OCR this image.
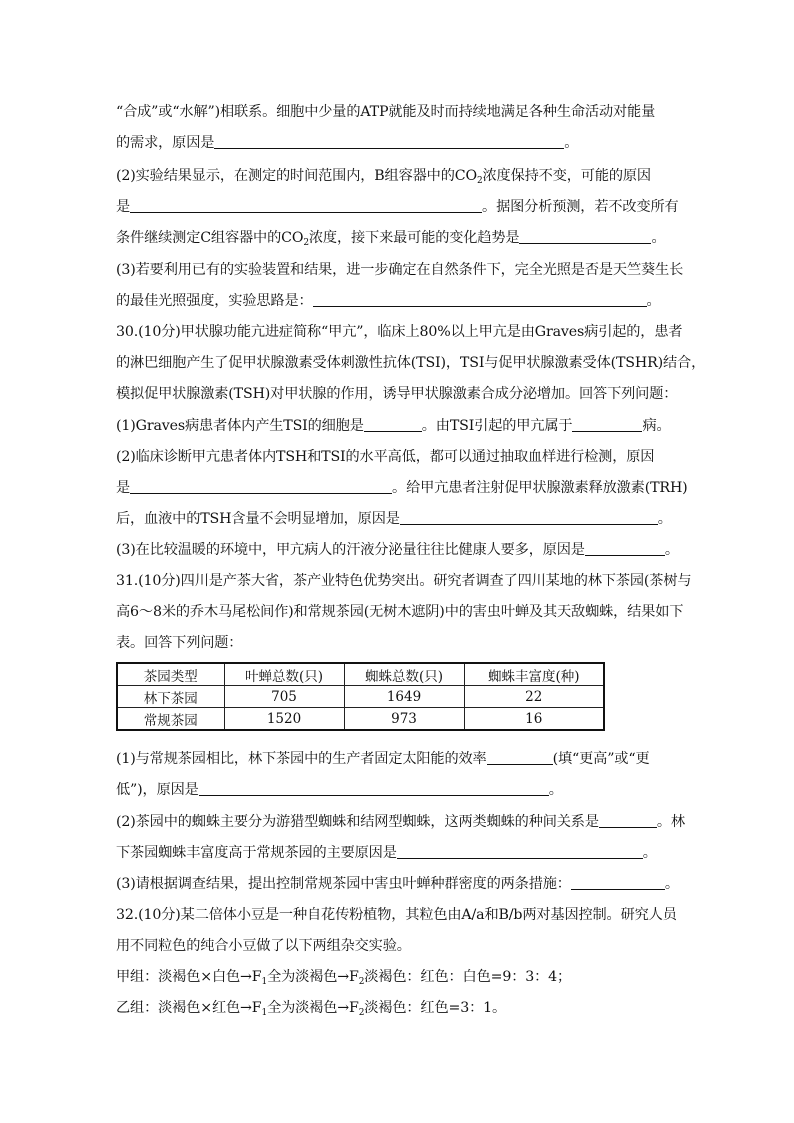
“合成”或“水解”)相联系。细胞中少量的ATP就能及时而持续地满足各种生命活动对能量
的需求，原因是	。
(2)实验结果显示，在测定的时间范围内，B组容器中的$CO_2$浓度保持不变，可能的原因
是	。据图分析预测，若不改变所有
条件继续测定C组容器中的$CO_2$浓度，接下来最可能的变化趋势是	。
(3)若要利用已有的实验装置和结果，进一步确定在自然条件下，完全光照是否是天竺葵生长
的最佳光照强度，实验思路是：	。
30.(10分)甲状腺功能亢进症简称“甲亢”，临床上80%以上甲亢是由Graves病引起的，患者
的淋巴细胞产生了促甲状腺激素受体刺激性抗体(TSI)，TSI与促甲状腺激素受体(TSHR)结合，
模拟促甲状腺激素(TSH)对甲状腺的作用，诱导甲状腺激素合成分泌增加。回答下列问题：
(1)Graves病患者体内产生TSI的细胞是	。由TSI引起的甲亢属于	病。
(2)临床诊断甲亢患者体内TSH和TSI的水平高低，都可以通过抽取血样进行检测，原因
是	。给甲亢患者注射促甲状腺激素释放激素(TRH)
后，血液中的TSH含量不会明显增加，原因是	。
(3)在比较温暖的环境中，甲亢病人的汗液分泌量往往比健康人要多，原因是	。
31.(10分)四川是产茶大省，茶产业特色优势突出。研究者调查了四川某地的林下茶园(茶树与
高6～8米的乔木马尾松间作)和常规茶园(无树木遮阴)中的害虫叶蝉及其天敌蜘蛛，结果如下
表。回答下列问题：
茶园类型	叶蝉总数(只)	蜘蛛总数(只)	蜘蛛丰富度(种)
林下茶园	705	1649	22
常规茶园	1520	973	16
(1)与常规茶园相比，林下茶园中的生产者固定太阳能的效率	(填“更高”或“更
低”)，原因是	。
(2)茶园中的蜘蛛主要分为游猎型蜘蛛和结网型蜘蛛，这两类蜘蛛的种间关系是	。林
下茶园蜘蛛丰富度高于常规茶园的主要原因是	。
(3)请根据调查结果，提出控制常规茶园中害虫叶蝉种群密度的两条措施：	。
32.(10分)某二倍体小豆是一种自花传粉植物，其粒色由A/a和B/b两对基因控制。研究人员
用不同粒色的纯合小豆做了以下两组杂交实验。
甲组：淡褐色×白色$\to F_1$全为淡褐色$\to F_2$淡褐色：红色：白色=9：3：4；
乙组：淡褐色×红色$\to F_1$全为淡褐色$\to F_2$淡褐色：红色=3：1。
